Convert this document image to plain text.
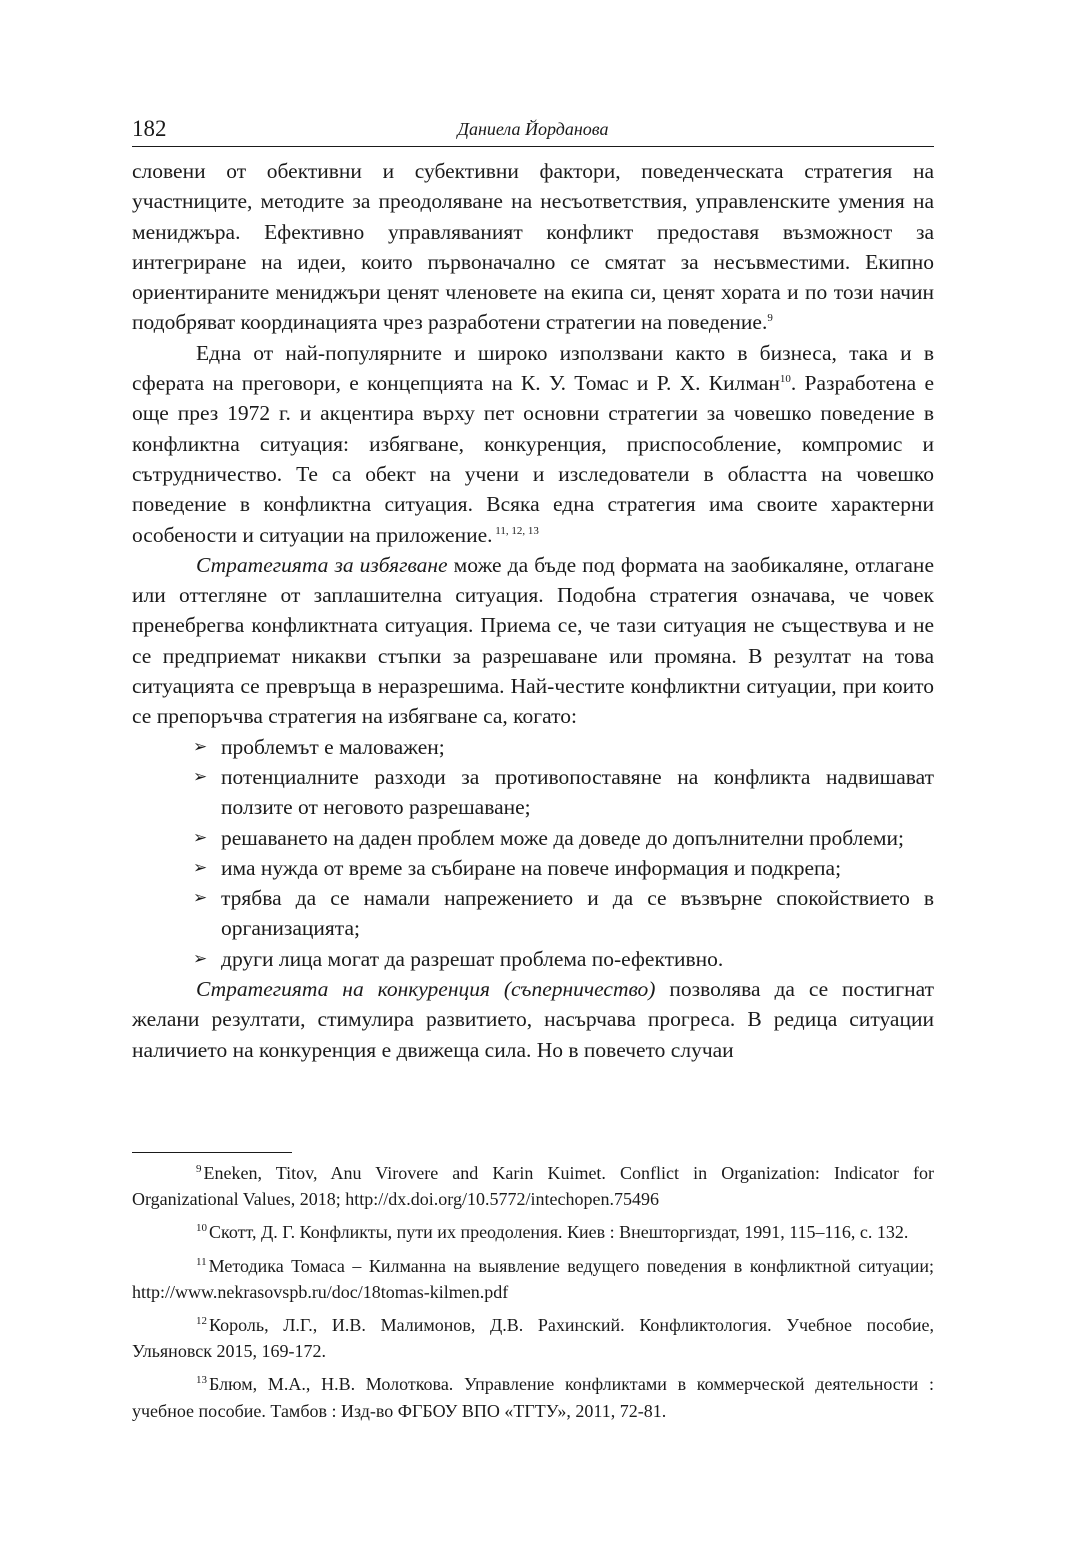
182	Даниела Йорданова

словени от обективни и субективни фактори, поведенческата стратегия на участниците, методите за преодоляване на несъответствия, управленските умения на мениджъра. Ефективно управляваният конфликт предоставя възможност за интегриране на идеи, които първоначално се смятат за несъвместими. Екипно ориентираните мениджъри ценят членовете на екипа си, ценят хората и по този начин подобряват координацията чрез разработени стратегии на поведение.$^9$

Една от най-популярните и широко използвани както в бизнеса, така и в сферата на преговори, е концепцията на К. У. Томас и Р. Х. Килман$^{10}$. Разработена е още през 1972 г. и акцентира върху пет основни стратегии за човешко поведение в конфликтна ситуация: избягване, конкуренция, приспособление, компромис и сътрудничество. Те са обект на учени и изследователи в областта на човешко поведение в конфликтна ситуация. Всяка една стратегия има своите характерни особености и ситуации на приложение. $^{11, 12, 13}$

Стратегията за избягване може да бъде под формата на заобикаляне, отлагане или оттегляне от заплашителна ситуация. Подобна стратегия означава, че човек пренебрегва конфликтната ситуация. Приема се, че тази ситуация не съществува и не се предприемат никакви стъпки за разрешаване или промяна. В резултат на това ситуацията се превръща в неразрешима. Най-честите конфликтни ситуации, при които се препоръчва стратегия на избягване са, когато:

➢ проблемът е маловажен;
➢ потенциалните разходи за противопоставяне на конфликта надвишават ползите от неговото разрешаване;
➢ решаването на даден проблем може да доведе до допълнителни проблеми;
➢ има нужда от време за събиране на повече информация и подкрепа;
➢ трябва да се намали напрежението и да се възвърне спокойствието в организацията;
➢ други лица могат да разрешат проблема по-ефективно.

Стратегията на конкуренция (съперничество) позволява да се постигнат желани резултати, стимулира развитието, насърчава прогреса. В редица ситуации наличието на конкуренция е движеща сила. Но в повечето случаи

$^9$ Eneken, Titov, Anu Virovere and Karin Kuimet. Conflict in Organization: Indicator for Organizational Values, 2018; http://dx.doi.org/10.5772/intechopen.75496

$^{10}$ Скотт, Д. Г. Конфликты, пути их преодоления. Киев : Внешторгиздат, 1991, 115–116, с. 132.

$^{11}$ Методика Томаса – Килманна на выявление ведущего поведения в конфликтной ситуации; http://www.nekrasovspb.ru/doc/18tomas-kilmen.pdf

$^{12}$ Король, Л.Г., И.В. Малимонов, Д.В. Рахинский. Конфликтология. Учебное пособие, Ульяновск 2015, 169-172.

$^{13}$ Блюм, М.А., Н.В. Молоткова. Управление конфликтами в коммерческой деятельности : учебное пособие. Тамбов : Изд-во ФГБОУ ВПО «ТГТУ», 2011, 72-81.
